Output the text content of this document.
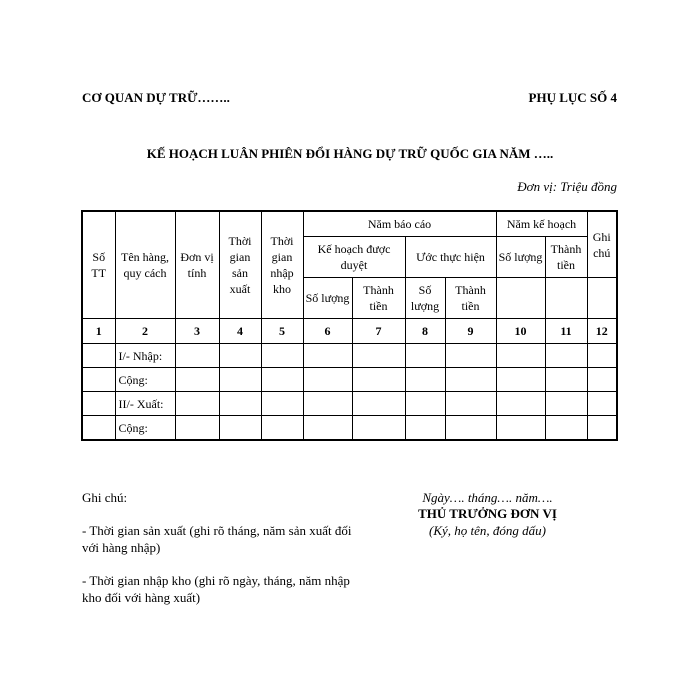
CƠ QUAN DỰ TRỮ……..	PHỤ LỤC SỐ 4
KẾ HOẠCH LUÂN PHIÊN ĐỔI HÀNG DỰ TRỮ QUỐC GIA NĂM …..
Đơn vị: Triệu đồng
Số TT	Tên hàng, quy cách	Đơn vị tính	Thời gian sản xuất	Thời gian nhập kho	Năm báo cáo				Năm kế hoạch		Ghi chú
					Kế hoạch được duyệt		Ước thực hiện		Số lượng	Thành tiền	
					Số lượng	Thành tiền	Số lượng	Thành tiền			
1	2	3	4	5	6	7	8	9	10	11	12
	I/- Nhập:										
	Cộng:										
	II/- Xuất:										
	Cộng:										
Ghi chú:
- Thời gian sản xuất (ghi rõ tháng, năm sản xuất đối với hàng nhập)
- Thời gian nhập kho (ghi rõ ngày, tháng, năm nhập kho đối với hàng xuất)
Ngày…. tháng…. năm….
THỦ TRƯỞNG ĐƠN VỊ
(Ký, họ tên, đóng dấu)
